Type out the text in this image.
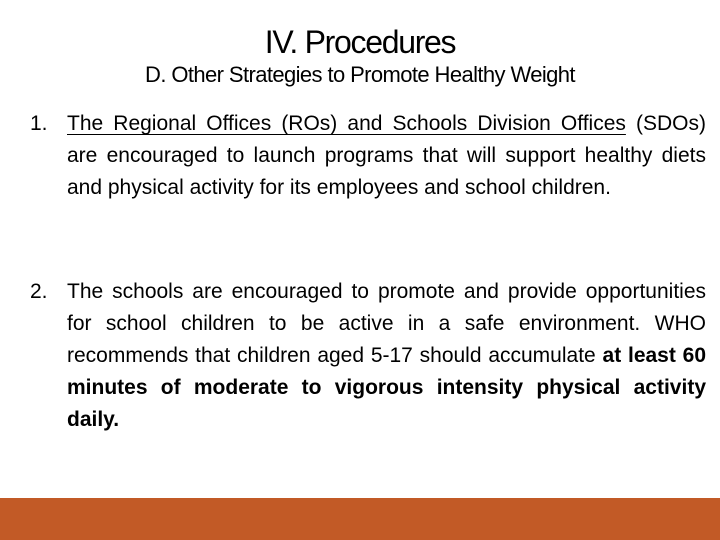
IV. Procedures
D. Other Strategies to Promote Healthy Weight
1. The Regional Offices (ROs) and Schools Division Offices (SDOs) are encouraged to launch programs that will support healthy diets and physical activity for its employees and school children.
2. The schools are encouraged to promote and provide opportunities for school children to be active in a safe environment. WHO recommends that children aged 5-17 should accumulate at least 60 minutes of moderate to vigorous intensity physical activity daily.
